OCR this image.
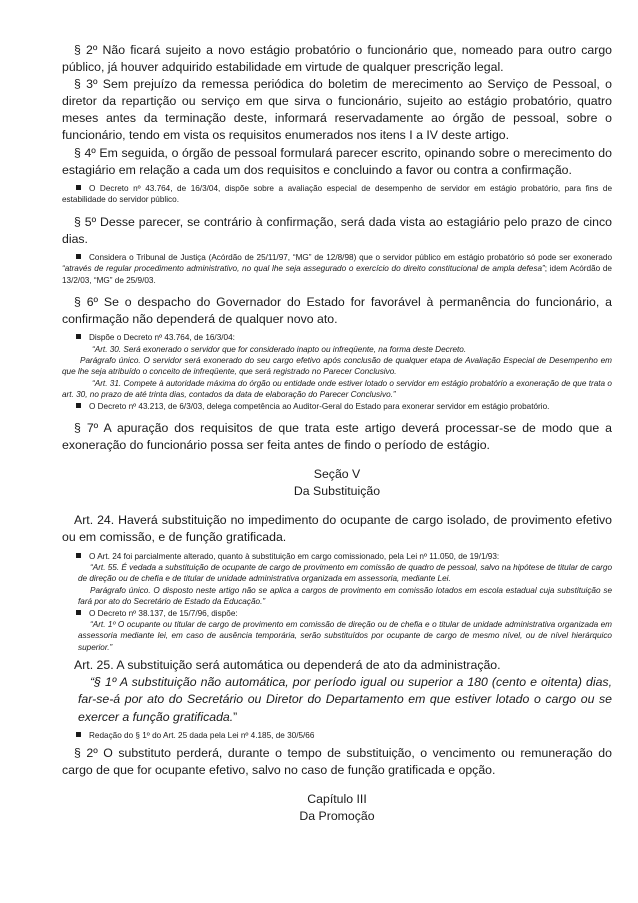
§ 2º Não ficará sujeito a novo estágio probatório o funcionário que, nomeado para outro cargo público, já houver adquirido estabilidade em virtude de qualquer prescrição legal.

§ 3º Sem prejuízo da remessa periódica do boletim de merecimento ao Serviço de Pessoal, o diretor da repartição ou serviço em que sirva o funcionário, sujeito ao estágio probatório, quatro meses antes da terminação deste, informará reservadamente ao órgão de pessoal, sobre o funcionário, tendo em vista os requisitos enumerados nos itens I a IV deste artigo.

§ 4º Em seguida, o órgão de pessoal formulará parecer escrito, opinando sobre o merecimento do estagiário em relação a cada um dos requisitos e concluindo a favor ou contra a confirmação.

O Decreto nº 43.764, de 16/3/04, dispõe sobre a avaliação especial de desempenho de servidor em estágio probatório, para fins de estabilidade do servidor público.

§ 5º Desse parecer, se contrário à confirmação, será dada vista ao estagiário pelo prazo de cinco dias.

Considera o Tribunal de Justiça (Acórdão de 25/11/97, “MG” de 12/8/98) que o servidor público em estágio probatório só pode ser exonerado “através de regular procedimento administrativo, no qual lhe seja assegurado o exercício do direito constitucional de ampla defesa”; idem Acórdão de 13/2/03, “MG” de 25/9/03.

§ 6º Se o despacho do Governador do Estado for favorável à permanência do funcionário, a confirmação não dependerá de qualquer novo ato.

Dispõe o Decreto nº 43.764, de 16/3/04:

“Art. 30. Será exonerado o servidor que for considerado inapto ou infreqüente, na forma deste Decreto.

Parágrafo único. O servidor será exonerado do seu cargo efetivo após conclusão de qualquer etapa de Avaliação Especial de Desempenho em que lhe seja atribuído o conceito de infreqüente, que será registrado no Parecer Conclusivo.

“Art. 31. Compete à autoridade máxima do órgão ou entidade onde estiver lotado o servidor em estágio probatório a exoneração de que trata o art. 30, no prazo de até trinta dias, contados da data de elaboração do Parecer Conclusivo.”

O Decreto nº 43.213, de 6/3/03, delega competência ao Auditor-Geral do Estado para exonerar servidor em estágio probatório.

§ 7º A apuração dos requisitos de que trata este artigo deverá processar-se de modo que a exoneração do funcionário possa ser feita antes de findo o período de estágio.

Seção V

Da Substituição

Art. 24. Haverá substituição no impedimento do ocupante de cargo isolado, de provimento efetivo ou em comissão, e de função gratificada.

O Art. 24 foi parcialmente alterado, quanto à substituição em cargo comissionado, pela Lei nº 11.050, de 19/1/93:

“Art. 55. É vedada a substituição de ocupante de cargo de provimento em comissão de quadro de pessoal, salvo na hipótese de titular de cargo de direção ou de chefia e de titular de unidade administrativa organizada em assessoria, mediante Lei.

Parágrafo único. O disposto neste artigo não se aplica a cargos de provimento em comissão lotados em escola estadual cuja substituição se fará por ato do Secretário de Estado da Educação.”

O Decreto nº 38.137, de 15/7/96, dispõe:

“Art. 1º O ocupante ou titular de cargo de provimento em comissão de direção ou de chefia e o titular de unidade administrativa organizada em assessoria mediante lei, em caso de ausência temporária, serão substituídos por ocupante de cargo de mesmo nível, ou de nível hierárquico superior.”

Art. 25. A substituição será automática ou dependerá de ato da administração.

“§ 1º A substituição não automática, por período igual ou superior a 180 (cento e oitenta) dias, far-se-á por ato do Secretário ou Diretor do Departamento em que estiver lotado o cargo ou se exercer a função gratificada.”

Redação do § 1º do Art. 25 dada pela Lei nº 4.185, de 30/5/66

§ 2º O substituto perderá, durante o tempo de substituição, o vencimento ou remuneração do cargo de que for ocupante efetivo, salvo no caso de função gratificada e opção.

Capítulo III

Da Promoção
